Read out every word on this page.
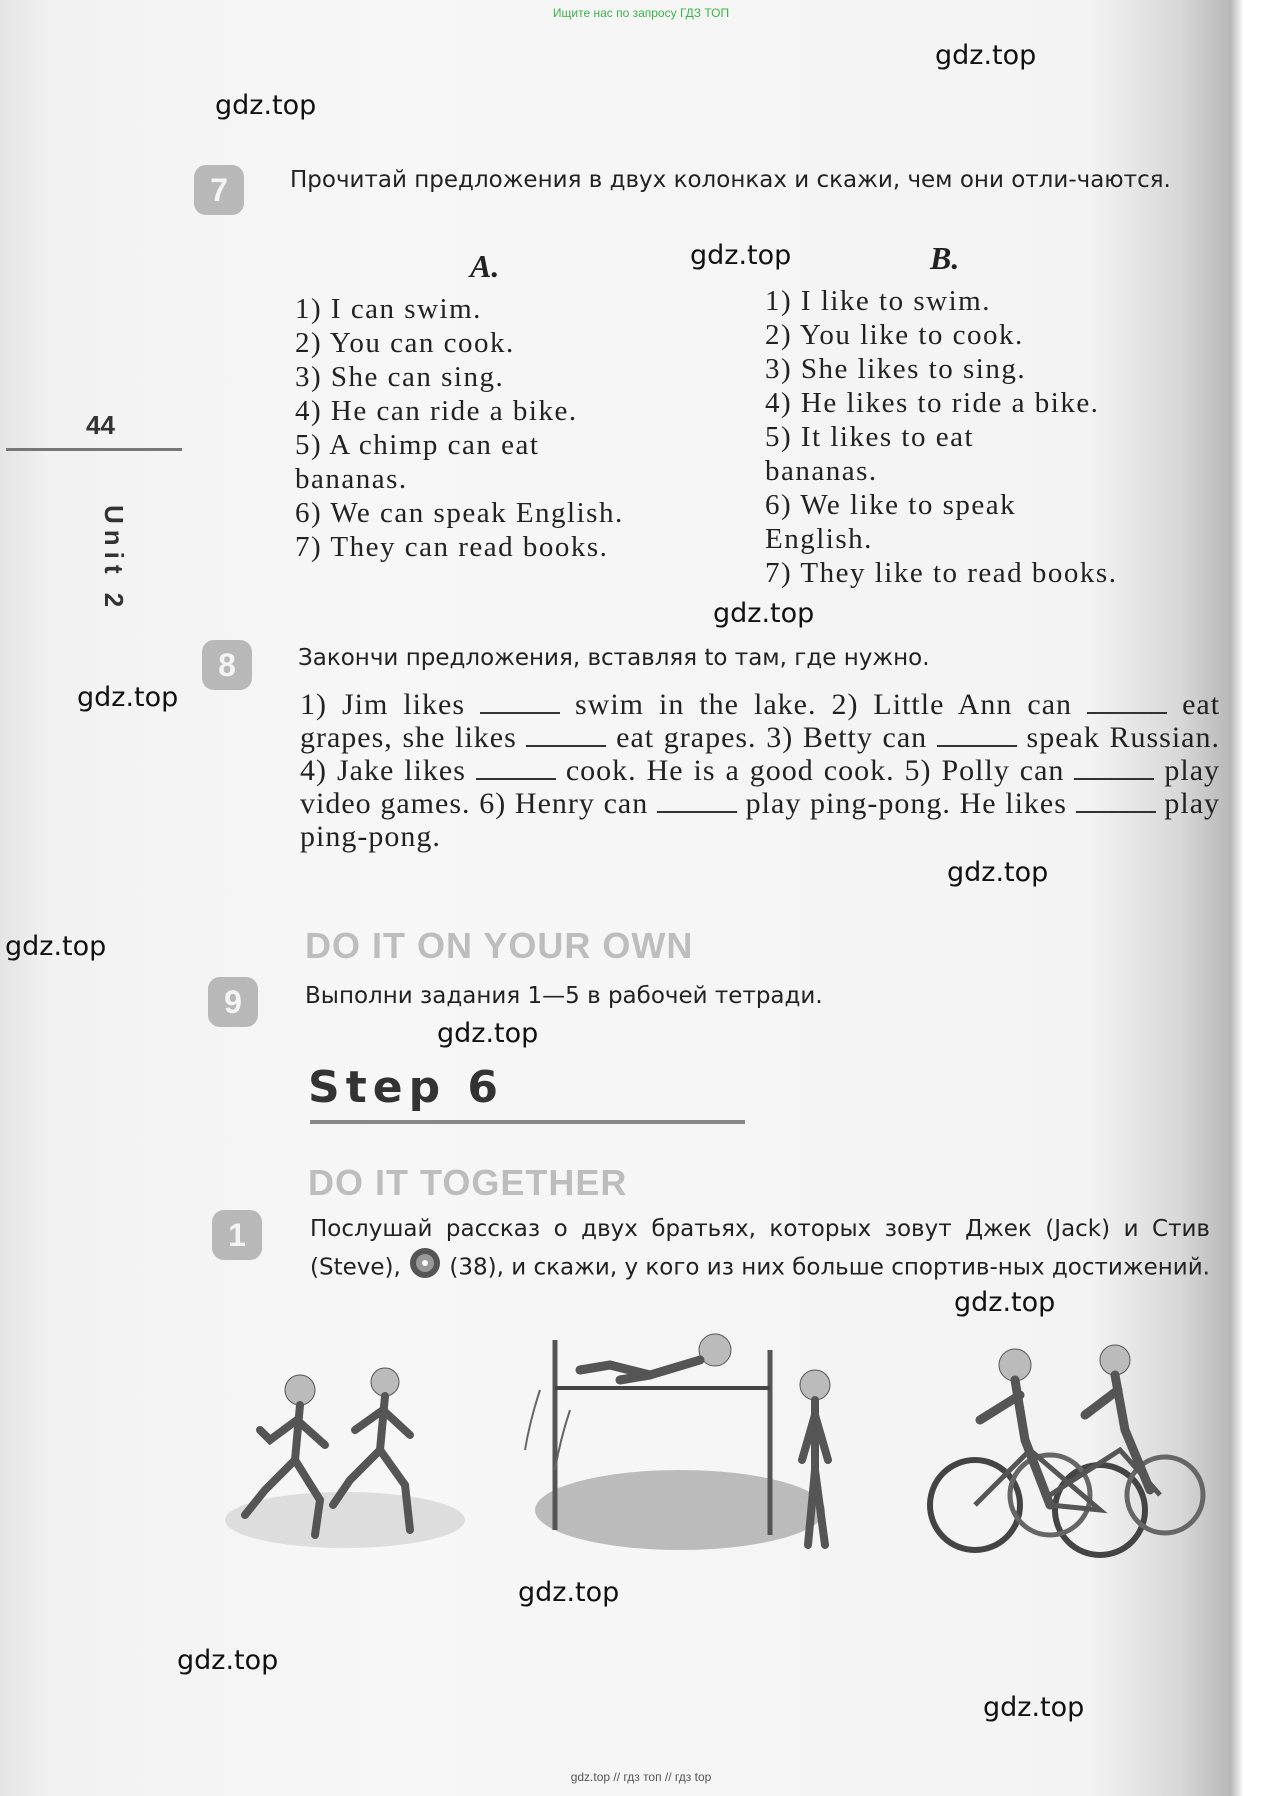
Ищите нас по запросу ГДЗ ТОП
gdz.top
gdz.top
gdz.top
gdz.top
gdz.top
gdz.top
gdz.top
gdz.top
gdz.top
gdz.top
gdz.top
gdz.top
44
Unit 2
7	Прочитай предложения в двух колонках и скажи, чем они отли-чаются.
A.
1) I can swim.
2) You can cook.
3) She can sing.
4) He can ride a bike.
5) A chimp can eat bananas.
6) We can speak English.
7) They can read books.
B.
1) I like to swim.
2) You like to cook.
3) She likes to sing.
4) He likes to ride a bike.
5) It likes to eat bananas.
6) We like to speak English.
7) They like to read books.
8	Закончи предложения, вставляя to там, где нужно.
1) Jim likes	swim in the lake. 2) Little Ann can	eat grapes, she likes	eat grapes. 3) Betty can	speak Russian. 4) Jake likes	cook. He is a good cook. 5) Polly can	play video games. 6) Henry can	play ping-pong. He likes	play ping-pong.
DO IT ON YOUR OWN
9	Выполни задания 1—5 в рабочей тетради.
Step 6
DO IT TOGETHER
1	Послушай рассказ о двух братьях, которых зовут Джек (Jack) и Стив (Steve), (38), и скажи, у кого из них больше спортив-ных достижений.
gdz.top // гдз топ // гдз top
